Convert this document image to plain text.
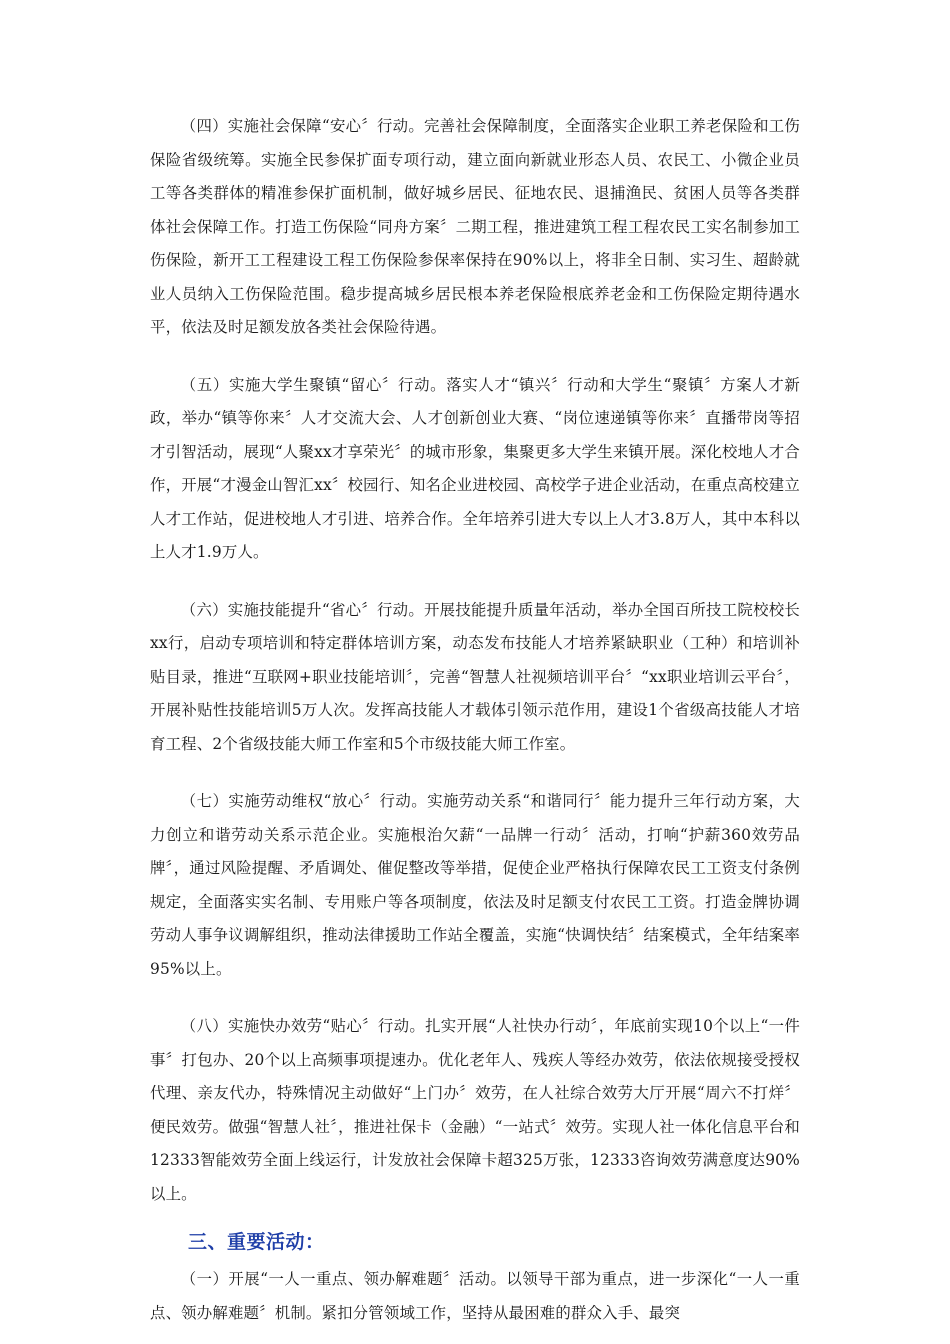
（四）实施社会保障“安心〞行动。完善社会保障制度，全面落实企业职工养老保险和工伤保险省级统筹。实施全民参保扩面专项行动，建立面向新就业形态人员、农民工、小微企业员工等各类群体的精准参保扩面机制，做好城乡居民、征地农民、退捕渔民、贫困人员等各类群体社会保障工作。打造工伤保险“同舟方案〞二期工程，推进建筑工程工程农民工实名制参加工伤保险，新开工工程建设工程工伤保险参保率保持在90%以上，将非全日制、实习生、超龄就业人员纳入工伤保险范围。稳步提高城乡居民根本养老保险根底养老金和工伤保险定期待遇水平，依法及时足额发放各类社会保险待遇。

（五）实施大学生聚镇“留心〞行动。落实人才“镇兴〞行动和大学生“聚镇〞方案人才新政，举办“镇等你来〞人才交流大会、人才创新创业大赛、“岗位速递镇等你来〞直播带岗等招才引智活动，展现“人聚xx才享荣光〞的城市形象，集聚更多大学生来镇开展。深化校地人才合作，开展“才漫金山智汇xx〞校园行、知名企业进校园、高校学子进企业活动，在重点高校建立人才工作站，促进校地人才引进、培养合作。全年培养引进大专以上人才3.8万人，其中本科以上人才1.9万人。

（六）实施技能提升“省心〞行动。开展技能提升质量年活动，举办全国百所技工院校校长xx行，启动专项培训和特定群体培训方案，动态发布技能人才培养紧缺职业（工种）和培训补贴目录，推进“互联网+职业技能培训〞，完善“智慧人社视频培训平台〞“xx职业培训云平台〞，开展补贴性技能培训5万人次。发挥高技能人才载体引领示范作用，建设1个省级高技能人才培育工程、2个省级技能大师工作室和5个市级技能大师工作室。

（七）实施劳动维权“放心〞行动。实施劳动关系“和谐同行〞能力提升三年行动方案，大力创立和谐劳动关系示范企业。实施根治欠薪“一品牌一行动〞活动，打响“护薪360效劳品牌〞，通过风险提醒、矛盾调处、催促整改等举措，促使企业严格执行保障农民工工资支付条例规定，全面落实实名制、专用账户等各项制度，依法及时足额支付农民工工资。打造金牌协调劳动人事争议调解组织，推动法律援助工作站全覆盖，实施“快调快结〞结案模式，全年结案率95%以上。

（八）实施快办效劳“贴心〞行动。扎实开展“人社快办行动〞，年底前实现10个以上“一件事〞打包办、20个以上高频事项提速办。优化老年人、残疾人等经办效劳，依法依规接受授权代理、亲友代办，特殊情况主动做好“上门办〞效劳，在人社综合效劳大厅开展“周六不打烊〞便民效劳。做强“智慧人社〞，推进社保卡（金融）“一站式〞效劳。实现人社一体化信息平台和12333智能效劳全面上线运行，计发放社会保障卡超325万张，12333咨询效劳满意度达90%以上。

三、重要活动：

（一）开展“一人一重点、领办解难题〞活动。以领导干部为重点，进一步深化“一人一重点、领办解难题〞机制。紧扣分管领域工作，坚持从最困难的群众入手、最突
